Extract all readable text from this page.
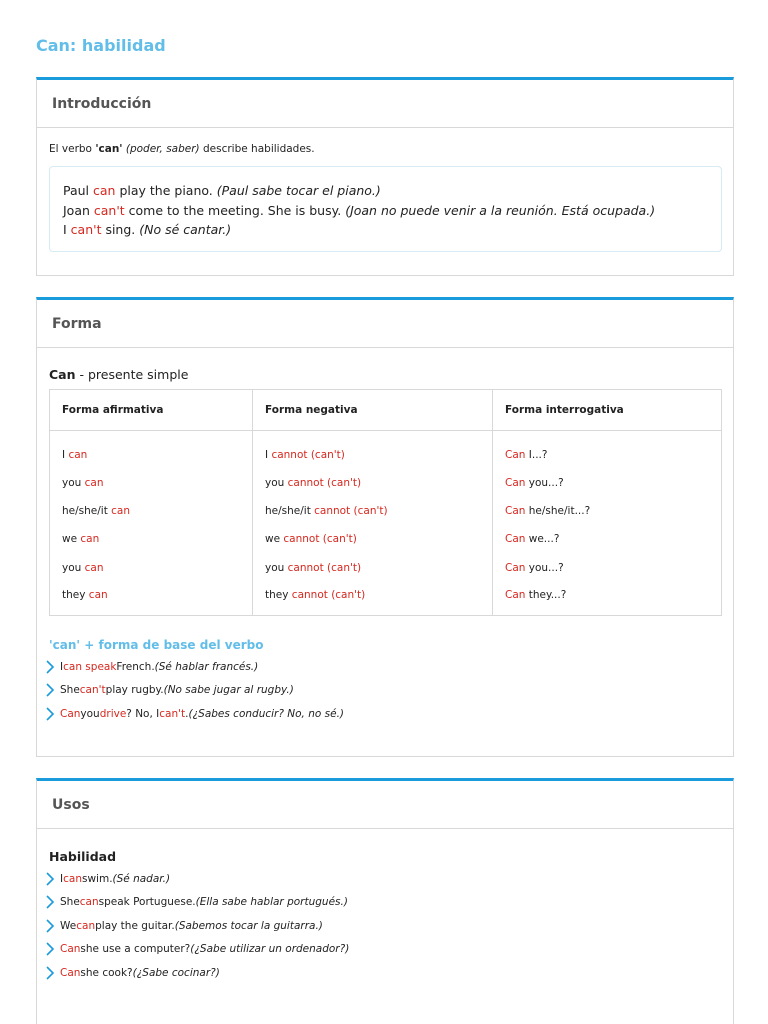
Can: habilidad
Introducción
El verbo 'can' (poder, saber) describe habilidades.
Paul can play the piano. (Paul sabe tocar el piano.)
Joan can't come to the meeting. She is busy. (Joan no puede venir a la reunión. Está ocupada.)
I can't sing. (No sé cantar.)
Forma
Can - presente simple
Forma afirmativa	Forma negativa	Forma interrogativa
I can	I cannot (can't)	Can I...?
you can	you cannot (can't)	Can you...?
he/she/it can	he/she/it cannot (can't)	Can he/she/it...?
we can	we cannot (can't)	Can we...?
you can	you cannot (can't)	Can you...?
they can	they cannot (can't)	Can they...?
'can' + forma de base del verbo
I can speak French. (Sé hablar francés.)
She can't play rugby. (No sabe jugar al rugby.)
Can you drive ? No, I can't . (¿Sabes conducir? No, no sé.)
Usos
Habilidad
I can swim. (Sé nadar.)
She can speak Portuguese. (Ella sabe hablar portugués.)
We can play the guitar. (Sabemos tocar la guitarra.)
Can she use a computer? (¿Sabe utilizar un ordenador?)
Can she cook? (¿Sabe cocinar?)
